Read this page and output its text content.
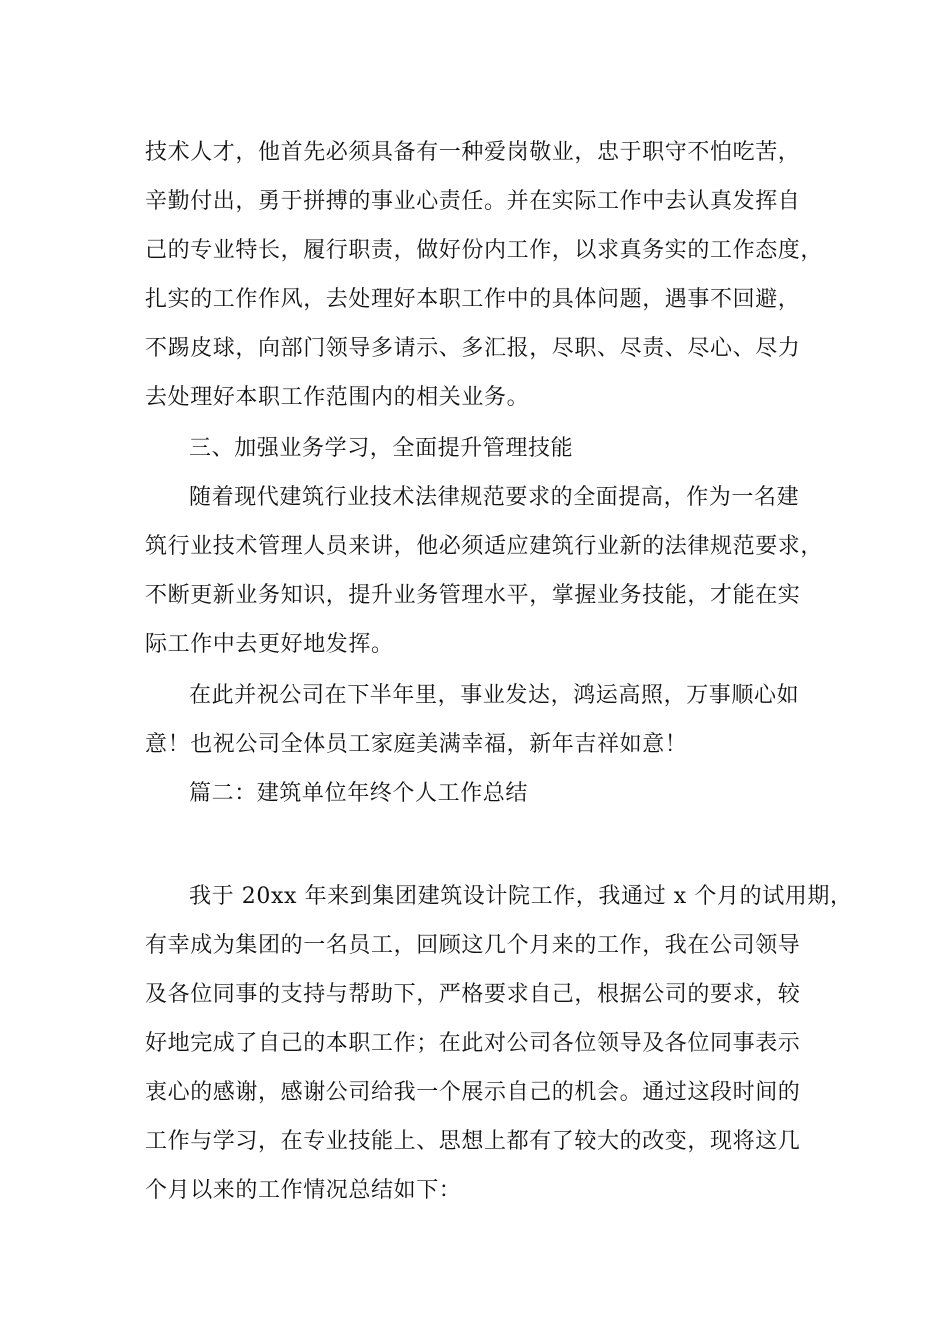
技术人才，他首先必须具备有一种爱岗敬业，忠于职守不怕吃苦，
辛勤付出，勇于拼搏的事业心责任。并在实际工作中去认真发挥自
己的专业特长，履行职责，做好份内工作，以求真务实的工作态度，
扎实的工作作风，去处理好本职工作中的具体问题，遇事不回避，
不踢皮球，向部门领导多请示、多汇报，尽职、尽责、尽心、尽力
去处理好本职工作范围内的相关业务。
三、加强业务学习，全面提升管理技能
随着现代建筑行业技术法律规范要求的全面提高，作为一名建
筑行业技术管理人员来讲，他必须适应建筑行业新的法律规范要求，
不断更新业务知识，提升业务管理水平，掌握业务技能，才能在实
际工作中去更好地发挥。
在此并祝公司在下半年里，事业发达，鸿运高照，万事顺心如
意！也祝公司全体员工家庭美满幸福，新年吉祥如意！
篇二：建筑单位年终个人工作总结
我于 20xx 年来到集团建筑设计院工作，我通过 x 个月的试用期，
有幸成为集团的一名员工，回顾这几个月来的工作，我在公司领导
及各位同事的支持与帮助下，严格要求自己，根据公司的要求，较
好地完成了自己的本职工作；在此对公司各位领导及各位同事表示
衷心的感谢，感谢公司给我一个展示自己的机会。通过这段时间的
工作与学习，在专业技能上、思想上都有了较大的改变，现将这几
个月以来的工作情况总结如下：
